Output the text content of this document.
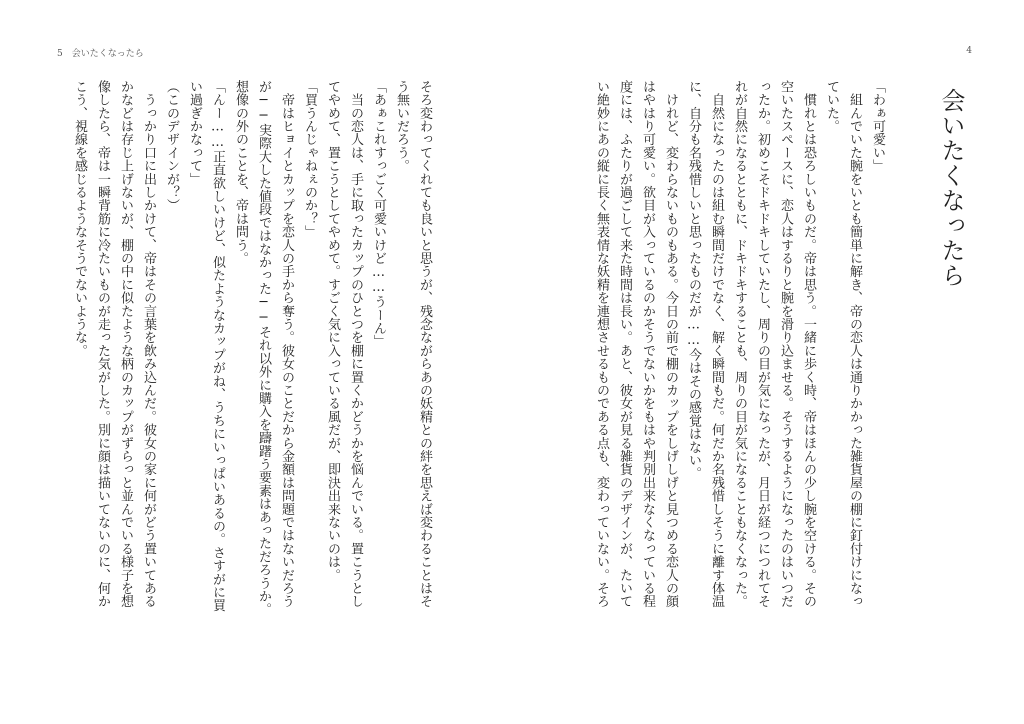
5　会いたくなったら
そろ変わってくれても良いと思うが、残念ながらあの妖精との絆を思えば変わることはそ
う無いだろう。
「あぁこれすっごく可愛いけど……うーん」
　当の恋人は、手に取ったカップのひとつを棚に置くかどうかを悩んでいる。置こうとし
てやめて、置こうとしてやめて。すごく気に入っている風だが、即決出来ないのは。
「買うんじゃねぇのか？」
　帝はヒョイとカップを恋人の手から奪う。彼女のことだから金額は問題ではないだろう
が──実際大した値段ではなかった──それ以外に購入を躊躇う要素はあっただろうか。
想像の外のことを、帝は問う。
「んー……正直欲しいけど、似たようなカップがね、うちにいっぱいあるの。さすがに買
い過ぎかなって」
（このデザインが？）
　うっかり口に出しかけて、帝はその言葉を飲み込んだ。彼女の家に何がどう置いてある
かなどは存じ上げないが、棚の中に似たような柄のカップがずらっと並んでいる様子を想
像したら、帝は一瞬背筋に冷たいものが走った気がした。別に顔は描いてないのに、何か
こう、視線を感じるようなそうでないような。
4
会いたくなったら
「わぁ可愛い」
　組んでいた腕をいとも簡単に解き、帝の恋人は通りかかった雑貨屋の棚に釘付けになっ
ていた。
　慣れとは恐ろしいものだ。帝は思う。一緒に歩く時、帝はほんの少し腕を空ける。その
空いたスペースに、恋人はするりと腕を滑り込ませる。そうするようになったのはいつだ
ったか。初めこそドキドキしていたし、周りの目が気になったが、月日が経つにつれてそ
れが自然になるとともに、ドキドキすることも、周りの目が気になることもなくなった。
　自然になったのは組む瞬間だけでなく、解く瞬間もだ。何だか名残惜しそうに離す体温
に、自分も名残惜しいと思ったものだが……今はその感覚はない。
　けれど、変わらないものもある。今日の前で棚のカップをしげしげと見つめる恋人の顔
はやはり可愛い。欲目が入っているのかそうでないかをもはや判別出来なくなっている程
度には、ふたりが過ごして来た時間は長い。あと、彼女が見る雑貨のデザインが、たいて
い絶妙にあの縦に長く無表情な妖精を連想させるものである点も、変わっていない。そろ
